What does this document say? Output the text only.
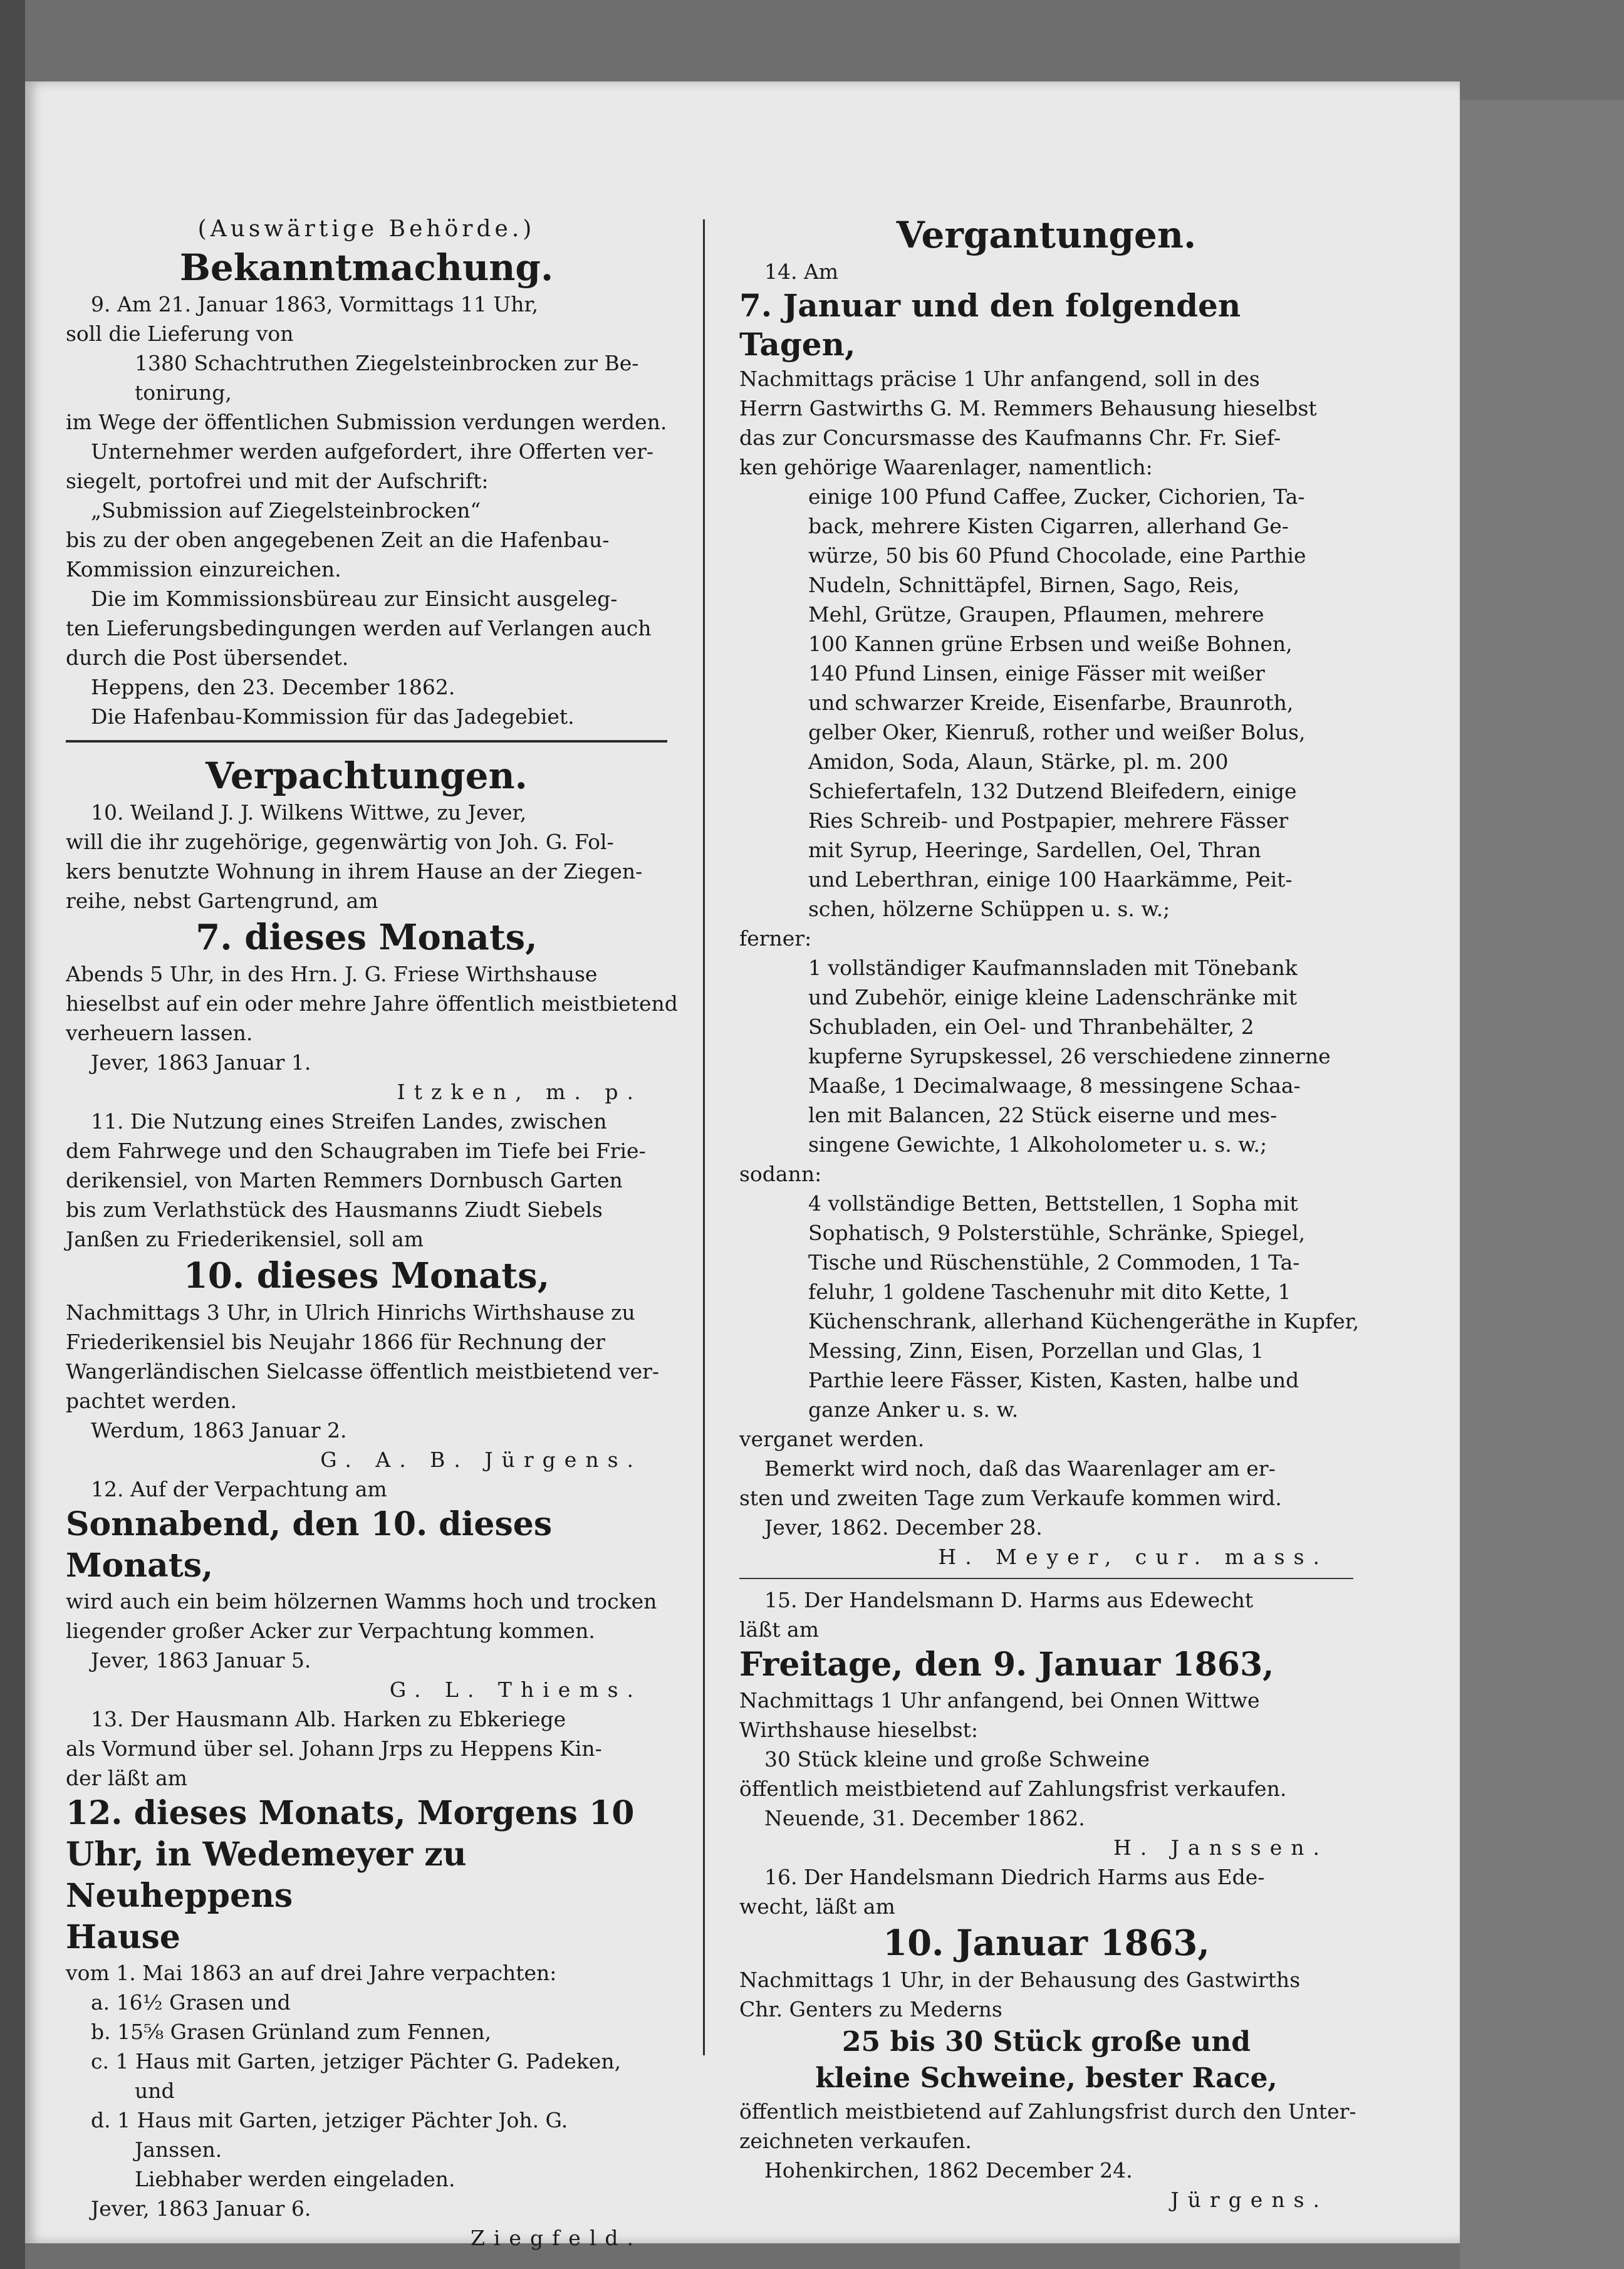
(Auswärtige Behörde.)

Bekanntmachung.

9. Am 21. Januar 1863, Vormittags 11 Uhr,

soll die Lieferung von

1380 Schachtruthen Ziegelsteinbrocken zur Be-

tonirung,

im Wege der öffentlichen Submission verdungen werden.

Unternehmer werden aufgefordert, ihre Offerten ver-

siegelt, portofrei und mit der Aufschrift:

„Submission auf Ziegelsteinbrocken“

bis zu der oben angegebenen Zeit an die Hafenbau-

Kommission einzureichen.

Die im Kommissionsbüreau zur Einsicht ausgeleg-

ten Lieferungsbedingungen werden auf Verlangen auch

durch die Post übersendet.

Heppens, den 23. December 1862.

Die Hafenbau-Kommission für das Jadegebiet.

Verpachtungen.

10. Weiland J. J. Wilkens Wittwe, zu Jever,

will die ihr zugehörige, gegenwärtig von Joh. G. Fol-

kers benutzte Wohnung in ihrem Hause an der Ziegen-

reihe, nebst Gartengrund, am

7. dieses Monats,

Abends 5 Uhr, in des Hrn. J. G. Friese Wirthshause

hieselbst auf ein oder mehre Jahre öffentlich meistbietend

verheuern lassen.

Jever, 1863 Januar 1.

Itzken, m. p.

11. Die Nutzung eines Streifen Landes, zwischen

dem Fahrwege und den Schaugraben im Tiefe bei Frie-

derikensiel, von Marten Remmers Dornbusch Garten

bis zum Verlathstück des Hausmanns Ziudt Siebels

Janßen zu Friederikensiel, soll am

10. dieses Monats,

Nachmittags 3 Uhr, in Ulrich Hinrichs Wirthshause zu

Friederikensiel bis Neujahr 1866 für Rechnung der

Wangerländischen Sielcasse öffentlich meistbietend ver-

pachtet werden.

Werdum, 1863 Januar 2.

G. A. B. Jürgens.

12. Auf der Verpachtung am

Sonnabend, den 10. dieses Monats,

wird auch ein beim hölzernen Wamms hoch und trocken

liegender großer Acker zur Verpachtung kommen.

Jever, 1863 Januar 5.

G. L. Thiems.

13. Der Hausmann Alb. Harken zu Ebkeriege

als Vormund über sel. Johann Jrps zu Heppens Kin-

der läßt am

12. dieses Monats, Morgens 10

Uhr, in Wedemeyer zu Neuheppens

Hause

vom 1. Mai 1863 an auf drei Jahre verpachten:

a. 16½ Grasen und

b. 15⅝ Grasen Grünland zum Fennen,

c. 1 Haus mit Garten, jetziger Pächter G. Padeken,

und

d. 1 Haus mit Garten, jetziger Pächter Joh. G.

Janssen.

Liebhaber werden eingeladen.

Jever, 1863 Januar 6.

Ziegfeld.

Vergantungen.

14. Am

7. Januar und den folgenden Tagen,

Nachmittags präcise 1 Uhr anfangend, soll in des

Herrn Gastwirths G. M. Remmers Behausung hieselbst

das zur Concursmasse des Kaufmanns Chr. Fr. Sief-

ken gehörige Waarenlager, namentlich:

einige 100 Pfund Caffee, Zucker, Cichorien, Ta-

back, mehrere Kisten Cigarren, allerhand Ge-

würze, 50 bis 60 Pfund Chocolade, eine Parthie

Nudeln, Schnittäpfel, Birnen, Sago, Reis,

Mehl, Grütze, Graupen, Pflaumen, mehrere

100 Kannen grüne Erbsen und weiße Bohnen,

140 Pfund Linsen, einige Fässer mit weißer

und schwarzer Kreide, Eisenfarbe, Braunroth,

gelber Oker, Kienruß, rother und weißer Bolus,

Amidon, Soda, Alaun, Stärke, pl. m. 200

Schiefertafeln, 132 Dutzend Bleifedern, einige

Ries Schreib- und Postpapier, mehrere Fässer

mit Syrup, Heeringe, Sardellen, Oel, Thran

und Leberthran, einige 100 Haarkämme, Peit-

schen, hölzerne Schüppen u. s. w.;

ferner:

1 vollständiger Kaufmannsladen mit Tönebank

und Zubehör, einige kleine Ladenschränke mit

Schubladen, ein Oel- und Thranbehälter, 2

kupferne Syrupskessel, 26 verschiedene zinnerne

Maaße, 1 Decimalwaage, 8 messingene Schaa-

len mit Balancen, 22 Stück eiserne und mes-

singene Gewichte, 1 Alkoholometer u. s. w.;

sodann:

4 vollständige Betten, Bettstellen, 1 Sopha mit

Sophatisch, 9 Polsterstühle, Schränke, Spiegel,

Tische und Rüschenstühle, 2 Commoden, 1 Ta-

feluhr, 1 goldene Taschenuhr mit dito Kette, 1

Küchenschrank, allerhand Küchengeräthe in Kupfer,

Messing, Zinn, Eisen, Porzellan und Glas, 1

Parthie leere Fässer, Kisten, Kasten, halbe und

ganze Anker u. s. w.

verganet werden.

Bemerkt wird noch, daß das Waarenlager am er-

sten und zweiten Tage zum Verkaufe kommen wird.

Jever, 1862. December 28.

H. Meyer, cur. mass.

15. Der Handelsmann D. Harms aus Edewecht

läßt am

Freitage, den 9. Januar 1863,

Nachmittags 1 Uhr anfangend, bei Onnen Wittwe

Wirthshause hieselbst:

30 Stück kleine und große Schweine

öffentlich meistbietend auf Zahlungsfrist verkaufen.

Neuende, 31. December 1862.

H. Janssen.

16. Der Handelsmann Diedrich Harms aus Ede-

wecht, läßt am

10. Januar 1863,

Nachmittags 1 Uhr, in der Behausung des Gastwirths

Chr. Genters zu Mederns

25 bis 30 Stück große und

kleine Schweine, bester Race,

öffentlich meistbietend auf Zahlungsfrist durch den Unter-

zeichneten verkaufen.

Hohenkirchen, 1862 December 24.

Jürgens.
